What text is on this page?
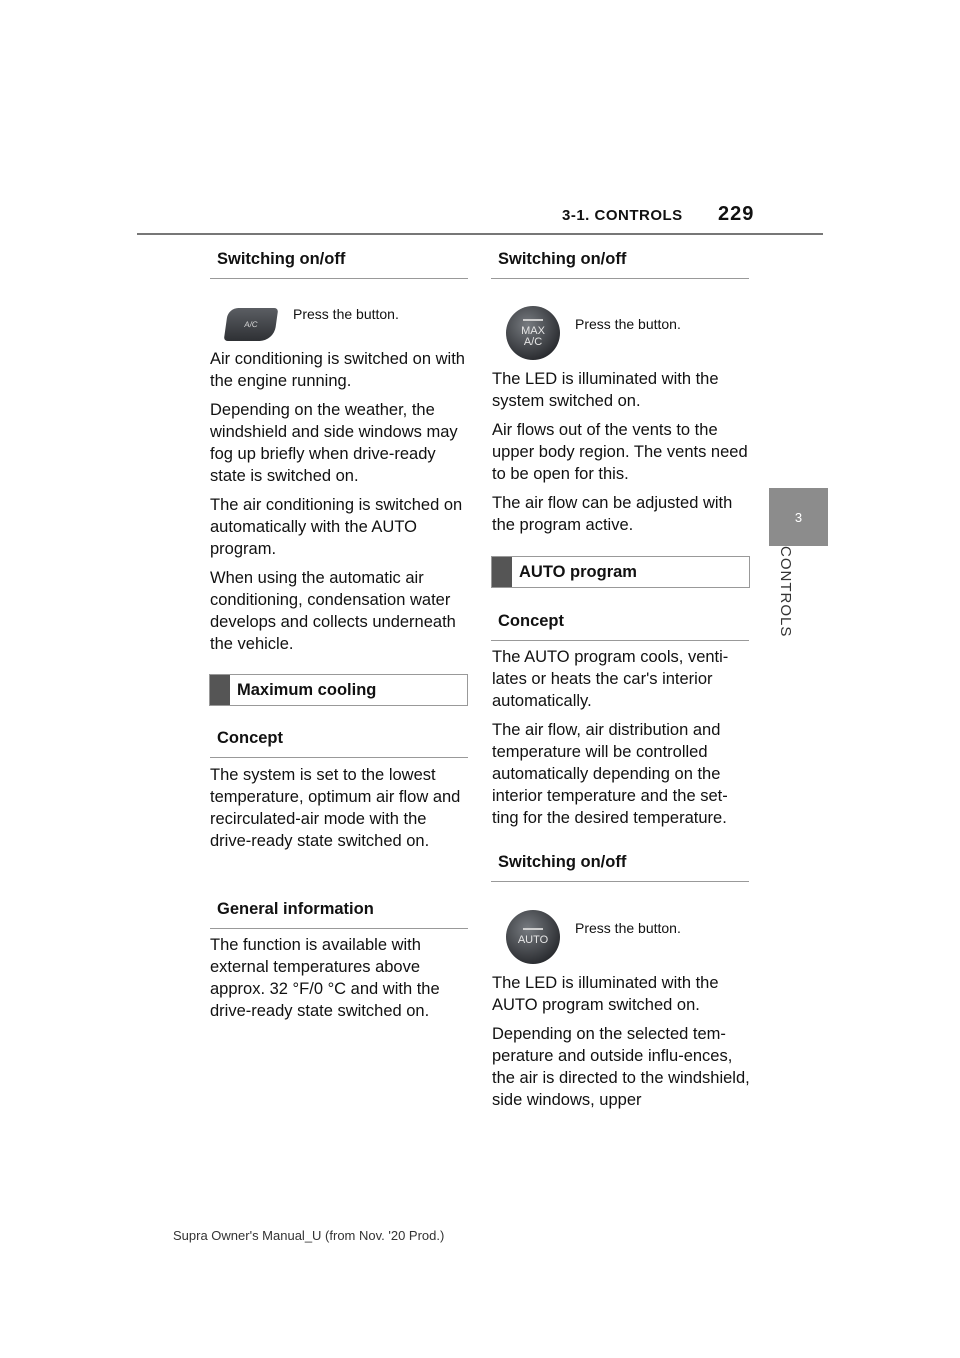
3-1. CONTROLS 229
3
CONTROLS
Switching on/off
A/C
Press the button.

Air conditioning is switched on with the engine running.

Depending on the weather, the windshield and side windows may fog up briefly when drive-ready state is switched on.

The air conditioning is switched on automatically with the AUTO program.

When using the automatic air conditioning, condensation water develops and collects underneath the vehicle.

Maximum cooling
Concept

The system is set to the lowest temperature, optimum air flow and recirculated-air mode with the drive-ready state switched on.

General information

The function is available with external temperatures above approx. 32 °F/0 °C and with the drive-ready state switched on.

Switching on/off
MAX
A/C
Press the button.

The LED is illuminated with the system switched on.

Air flows out of the vents to the upper body region. The vents need to be open for this.

The air flow can be adjusted with the program active.

AUTO program
Concept

The AUTO program cools, venti-lates or heats the car's interior automatically.

The air flow, air distribution and temperature will be controlled automatically depending on the interior temperature and the set-ting for the desired temperature.

Switching on/off
AUTO
Press the button.

The LED is illuminated with the AUTO program switched on.

Depending on the selected tem-perature and outside influ-ences, the air is directed to the windshield, side windows, upper

Supra Owner's Manual_U (from Nov. '20 Prod.)
